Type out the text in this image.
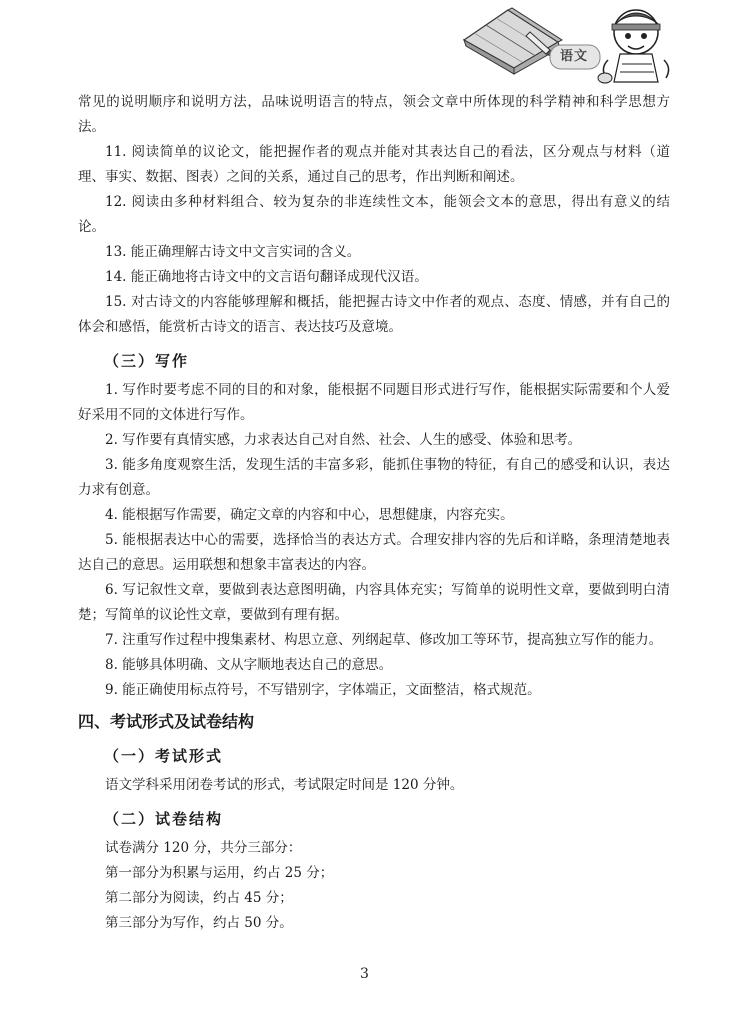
语文

常见的说明顺序和说明方法，品味说明语言的特点，领会文章中所体现的科学精神和科学思想方法。

11. 阅读简单的议论文，能把握作者的观点并能对其表达自己的看法，区分观点与材料（道理、事实、数据、图表）之间的关系，通过自己的思考，作出判断和阐述。

12. 阅读由多种材料组合、较为复杂的非连续性文本，能领会文本的意思，得出有意义的结论。

13. 能正确理解古诗文中文言实词的含义。

14. 能正确地将古诗文中的文言语句翻译成现代汉语。

15. 对古诗文的内容能够理解和概括，能把握古诗文中作者的观点、态度、情感，并有自己的体会和感悟，能赏析古诗文的语言、表达技巧及意境。

（三）写作

1. 写作时要考虑不同的目的和对象，能根据不同题目形式进行写作，能根据实际需要和个人爱好采用不同的文体进行写作。

2. 写作要有真情实感，力求表达自己对自然、社会、人生的感受、体验和思考。

3. 能多角度观察生活，发现生活的丰富多彩，能抓住事物的特征，有自己的感受和认识，表达力求有创意。

4. 能根据写作需要，确定文章的内容和中心，思想健康，内容充实。

5. 能根据表达中心的需要，选择恰当的表达方式。合理安排内容的先后和详略，条理清楚地表达自己的意思。运用联想和想象丰富表达的内容。

6. 写记叙性文章，要做到表达意图明确，内容具体充实；写简单的说明性文章，要做到明白清楚；写简单的议论性文章，要做到有理有据。

7. 注重写作过程中搜集素材、构思立意、列纲起草、修改加工等环节，提高独立写作的能力。

8. 能够具体明确、文从字顺地表达自己的意思。

9. 能正确使用标点符号，不写错别字，字体端正，文面整洁，格式规范。

四、考试形式及试卷结构
（一）考试形式

语文学科采用闭卷考试的形式，考试限定时间是 120 分钟。

（二）试卷结构

试卷满分 120 分，共分三部分：

第一部分为积累与运用，约占 25 分；

第二部分为阅读，约占 45 分；

第三部分为写作，约占 50 分。

3
